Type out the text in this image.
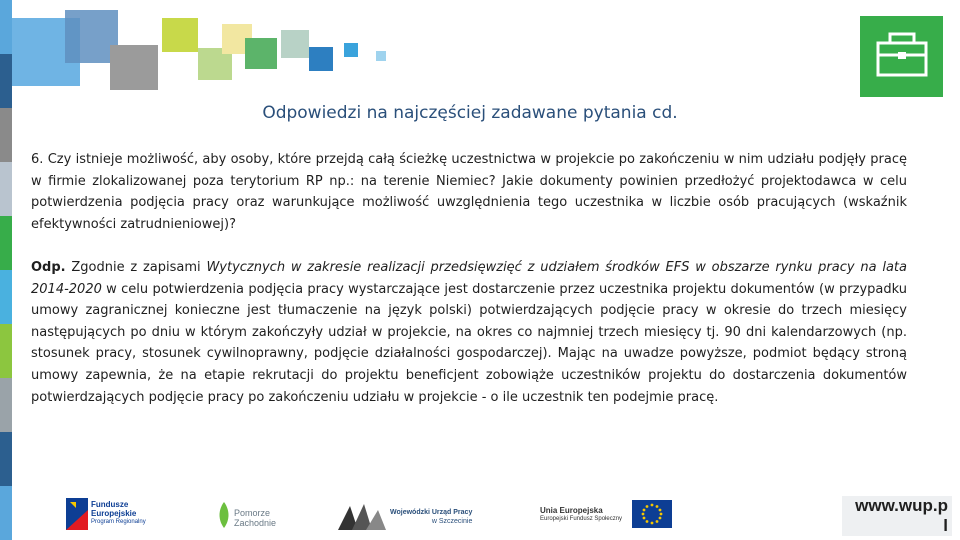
Odpowiedzi na najczęściej zadawane pytania cd.
6. Czy istnieje możliwość, aby osoby, które przejdą całą ścieżkę uczestnictwa w projekcie po zakończeniu w nim udziału podjęły pracę w firmie zlokalizowanej poza terytorium RP np.: na terenie Niemiec? Jakie dokumenty powinien przedłożyć projektodawca w celu potwierdzenia podjęcia pracy oraz warunkujące możliwość uwzględnienia tego uczestnika w liczbie osób pracujących (wskaźnik efektywności zatrudnieniowej)?
Odp. Zgodnie z zapisami Wytycznych w zakresie realizacji przedsięwzięć z udziałem środków EFS w obszarze rynku pracy na lata 2014-2020 w celu potwierdzenia podjęcia pracy wystarczające jest dostarczenie przez uczestnika projektu dokumentów (w przypadku umowy zagranicznej konieczne jest tłumaczenie na język polski) potwierdzających podjęcie pracy w okresie do trzech miesięcy następujących po dniu w którym zakończyły udział w projekcie, na okres co najmniej trzech miesięcy tj. 90 dni kalendarzowych (np. stosunek pracy, stosunek cywilnoprawny, podjęcie działalności gospodarczej). Mając na uwadze powyższe, podmiot będący stroną umowy zapewnia, że na etapie rekrutacji do projektu beneficjent zobowiąże uczestników projektu do dostarczenia dokumentów potwierdzających podjęcie pracy po zakończeniu udziału w projekcie - o ile uczestnik ten podejmie pracę.
Fundusze
Europejskie
Program Regionalny
Pomorze
Zachodnie
Wojewódzki Urząd Pracy
w Szczecinie
Unia Europejska
Europejski Fundusz Społeczny
www.wup.p l
